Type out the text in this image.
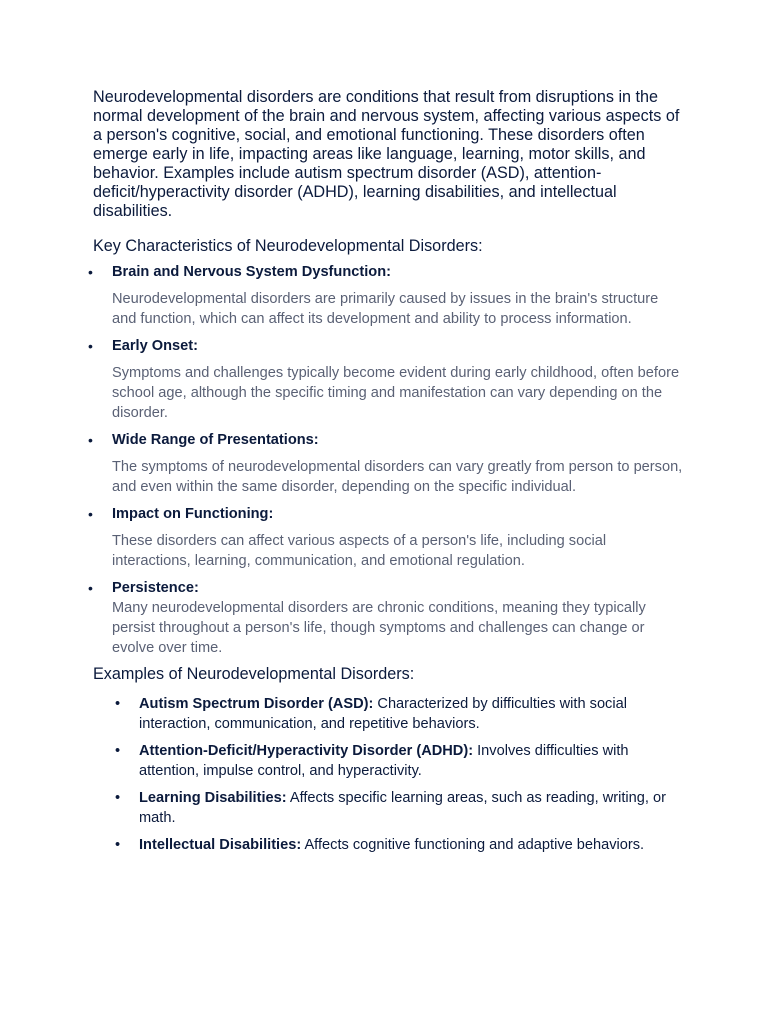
Neurodevelopmental disorders are conditions that result from disruptions in the normal development of the brain and nervous system, affecting various aspects of a person's cognitive, social, and emotional functioning. These disorders often emerge early in life, impacting areas like language, learning, motor skills, and behavior. Examples include autism spectrum disorder (ASD), attention-deficit/hyperactivity disorder (ADHD), learning disabilities, and intellectual disabilities.

Key Characteristics of Neurodevelopmental Disorders:
• Brain and Nervous System Dysfunction:
Neurodevelopmental disorders are primarily caused by issues in the brain's structure and function, which can affect its development and ability to process information.
• Early Onset:
Symptoms and challenges typically become evident during early childhood, often before school age, although the specific timing and manifestation can vary depending on the disorder.
• Wide Range of Presentations:
The symptoms of neurodevelopmental disorders can vary greatly from person to person, and even within the same disorder, depending on the specific individual.
• Impact on Functioning:
These disorders can affect various aspects of a person's life, including social interactions, learning, communication, and emotional regulation.
• Persistence:
Many neurodevelopmental disorders are chronic conditions, meaning they typically persist throughout a person's life, though symptoms and challenges can change or evolve over time.
Examples of Neurodevelopmental Disorders:
• Autism Spectrum Disorder (ASD): Characterized by difficulties with social interaction, communication, and repetitive behaviors.
• Attention-Deficit/Hyperactivity Disorder (ADHD): Involves difficulties with attention, impulse control, and hyperactivity.
• Learning Disabilities: Affects specific learning areas, such as reading, writing, or math.
• Intellectual Disabilities: Affects cognitive functioning and adaptive behaviors.
